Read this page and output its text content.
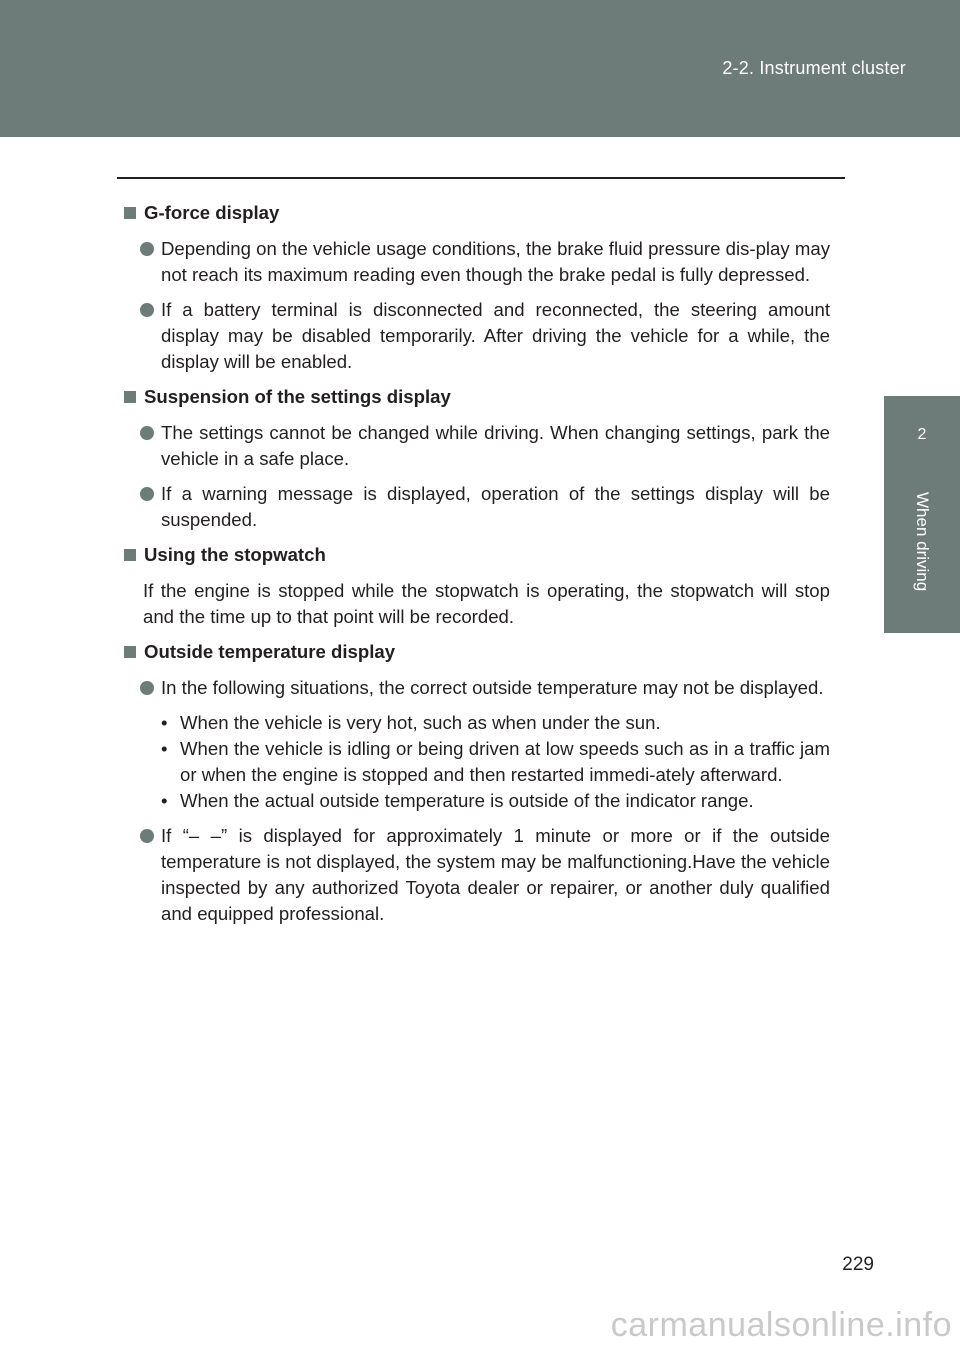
2-2. Instrument cluster
2
When driving
G-force display
Depending on the vehicle usage conditions, the brake fluid pressure dis-play may not reach its maximum reading even though the brake pedal is fully depressed.
If a battery terminal is disconnected and reconnected, the steering amount display may be disabled temporarily. After driving the vehicle for a while, the display will be enabled.
Suspension of the settings display
The settings cannot be changed while driving. When changing settings, park the vehicle in a safe place.
If a warning message is displayed, operation of the settings display will be suspended.
Using the stopwatch
If the engine is stopped while the stopwatch is operating, the stopwatch will stop and the time up to that point will be recorded.
Outside temperature display
In the following situations, the correct outside temperature may not be displayed.
• When the vehicle is very hot, such as when under the sun.
• When the vehicle is idling or being driven at low speeds such as in a traffic jam or when the engine is stopped and then restarted immedi-ately afterward.
• When the actual outside temperature is outside of the indicator range.
If “– –” is displayed for approximately 1 minute or more or if the outside temperature is not displayed, the system may be malfunctioning.Have the vehicle inspected by any authorized Toyota dealer or repairer, or another duly qualified and equipped professional.
229
carmanualsonline.info
